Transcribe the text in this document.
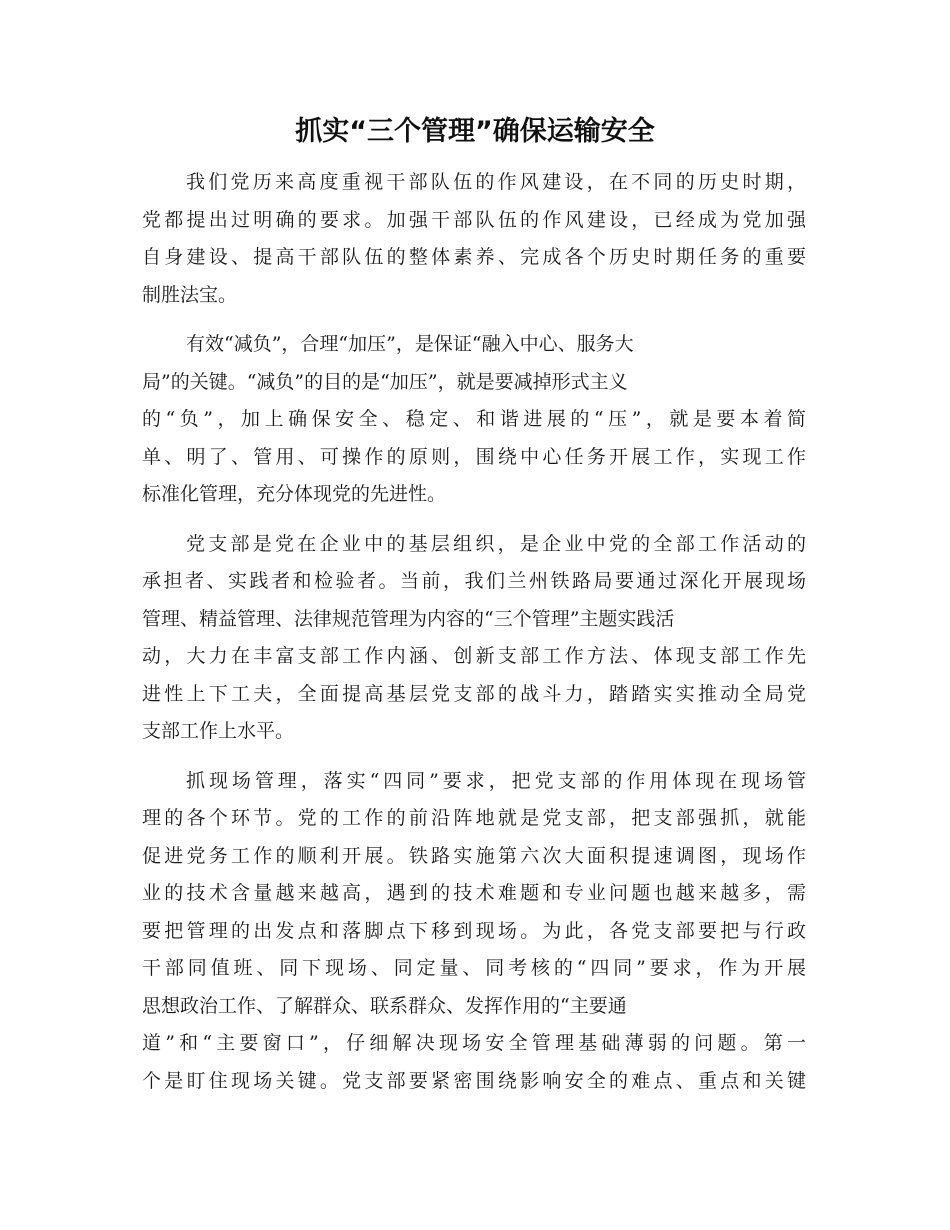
抓实“三个管理”确保运输安全
我们党历来高度重视干部队伍的作风建设，在不同的历史时期，
党都提出过明确的要求。加强干部队伍的作风建设，已经成为党加强
自身建设、提高干部队伍的整体素养、完成各个历史时期任务的重要
制胜法宝。
有效“减负”，合理“加压”，是保证“融入中心、服务大
局”的关键。“减负”的目的是“加压”，就是要减掉形式主义
的“负”，加上确保安全、稳定、和谐进展的“压”，就是要本着简
单、明了、管用、可操作的原则，围绕中心任务开展工作，实现工作
标准化管理，充分体现党的先进性。
党支部是党在企业中的基层组织，是企业中党的全部工作活动的
承担者、实践者和检验者。当前，我们兰州铁路局要通过深化开展现场
管理、精益管理、法律规范管理为内容的“三个管理”主题实践活
动，大力在丰富支部工作内涵、创新支部工作方法、体现支部工作先
进性上下工夫，全面提高基层党支部的战斗力，踏踏实实推动全局党
支部工作上水平。
抓现场管理，落实“四同”要求，把党支部的作用体现在现场管
理的各个环节。党的工作的前沿阵地就是党支部，把支部强抓，就能
促进党务工作的顺利开展。铁路实施第六次大面积提速调图，现场作
业的技术含量越来越高，遇到的技术难题和专业问题也越来越多，需
要把管理的出发点和落脚点下移到现场。为此，各党支部要把与行政
干部同值班、同下现场、同定量、同考核的“四同”要求，作为开展
思想政治工作、了解群众、联系群众、发挥作用的“主要通
道”和“主要窗口”，仔细解决现场安全管理基础薄弱的问题。第一
个是盯住现场关键。党支部要紧密围绕影响安全的难点、重点和关键
